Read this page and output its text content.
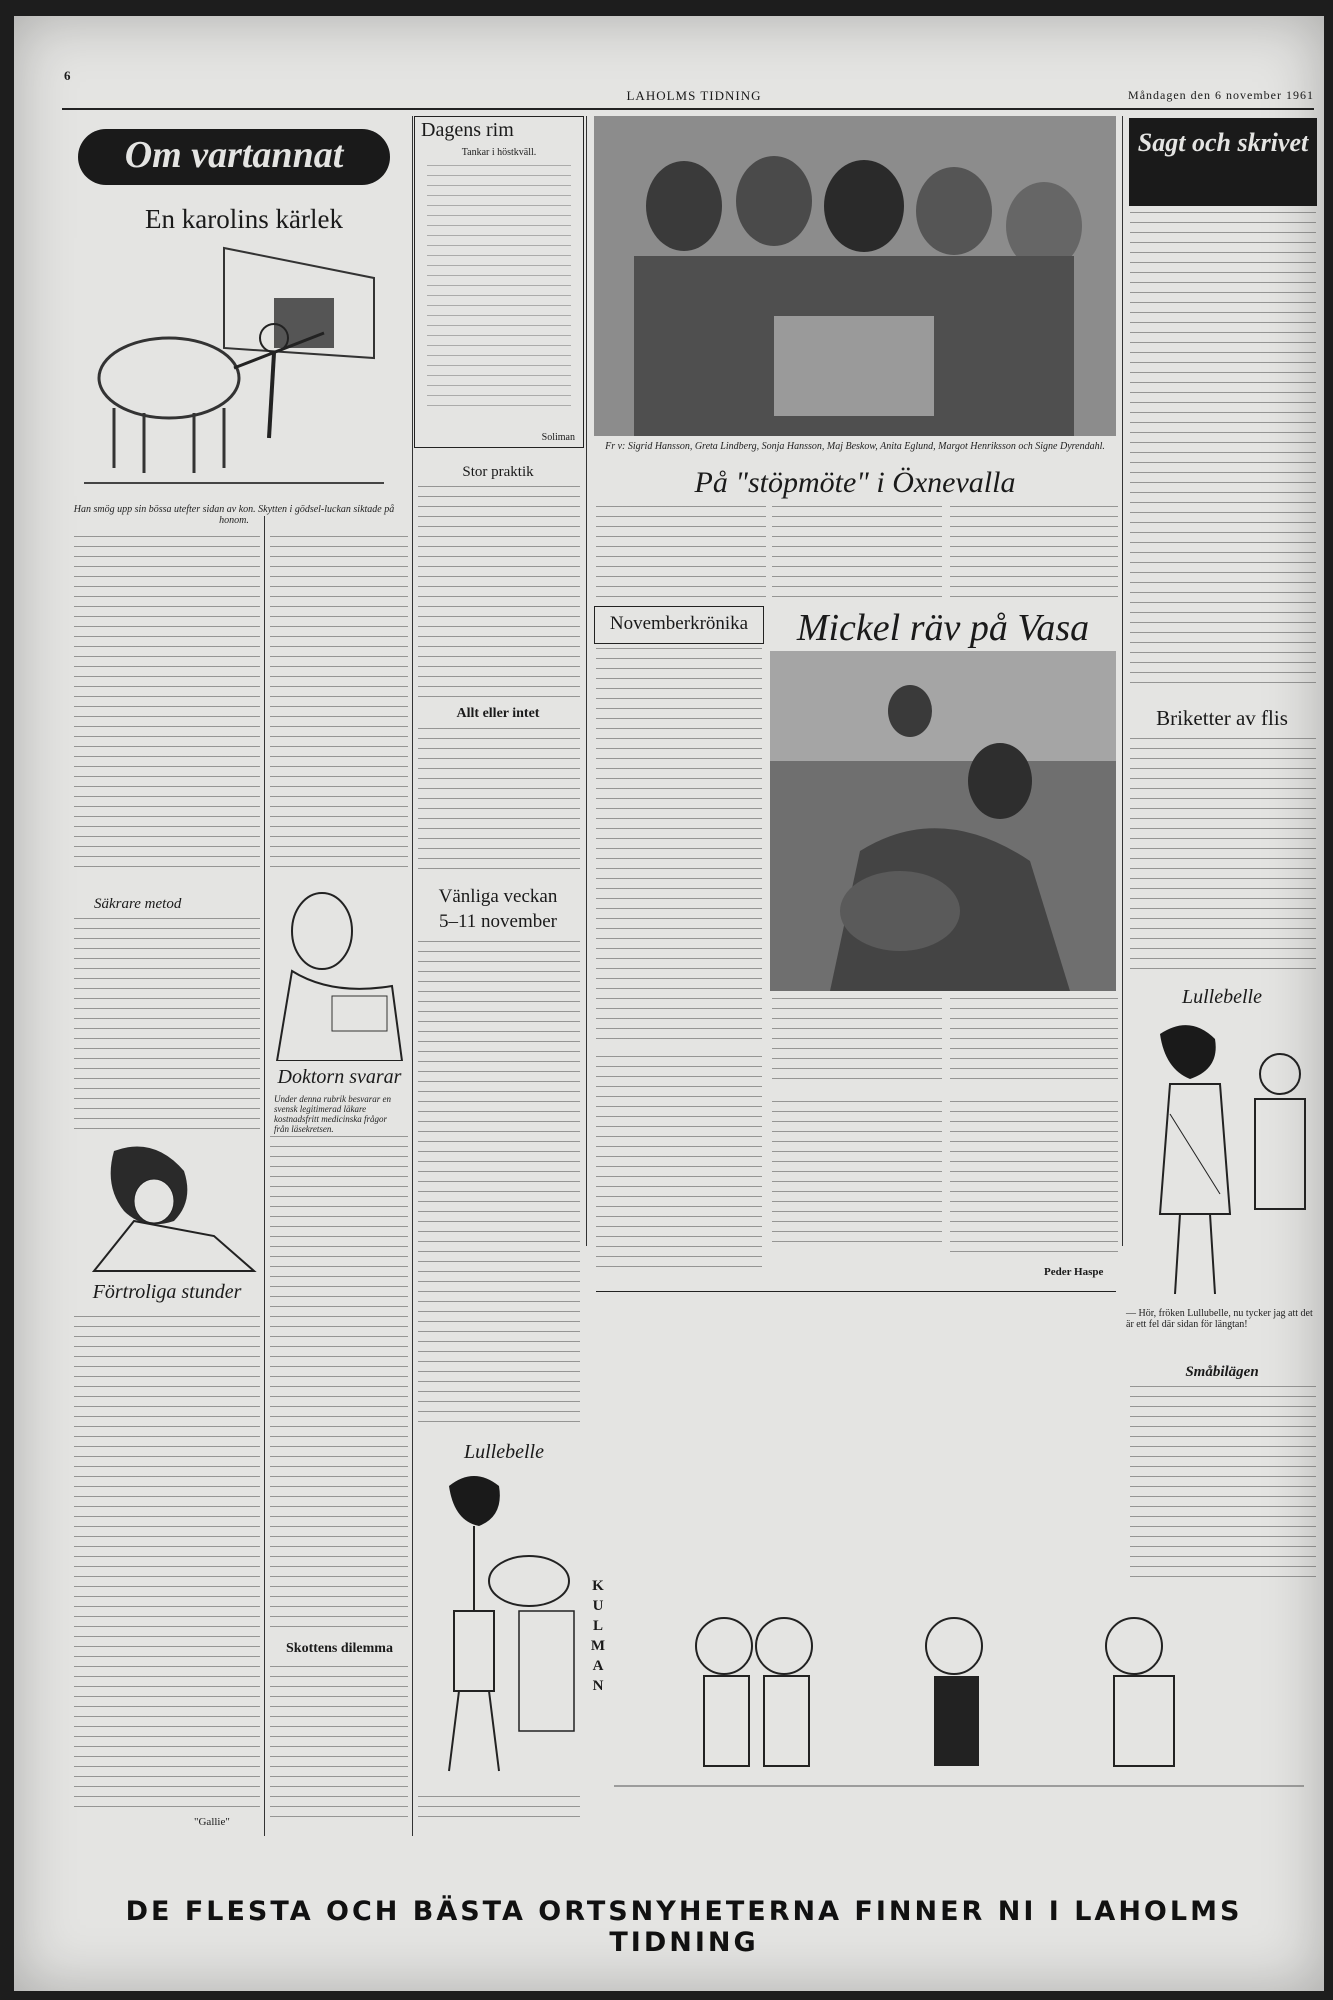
6
LAHOLMS TIDNING	Måndagen den 6 november 1961
Om vartannat
En karolins kärlek
Han smög upp sin bössa utefter sidan av kon. Skytten i gödsel-luckan siktade på honom.
Säkrare metod
Doktorn svarar
Under denna rubrik besvarar en svensk legitimerad läkare kostnadsfritt medicinska frågor från läsekretsen.
Skottens dilemma
Förtroliga stunder
"Gallie"
Dagens rim
Tankar i höstkväll.
Soliman
Stor praktik
Allt eller intet
Vänliga veckan
5–11 november
Lullebelle
KULMAN
Fr v: Sigrid Hansson, Greta Lindberg, Sonja Hansson, Maj Beskow, Anita Eglund, Margot Henriksson och Signe Dyrendahl.
På "stöpmöte" i Öxnevalla
Novemberkrönika	Mickel räv på Vasa
Peder Haspe
Sagt och skrivet
Briketter av flis
Lullebelle
— Hör, fröken Lullubelle, nu tycker jag att det är ett fel där sidan för längtan!
Småbilägen
DE FLESTA OCH BÄSTA ORTSNYHETERNA FINNER NI I LAHOLMS TIDNING
